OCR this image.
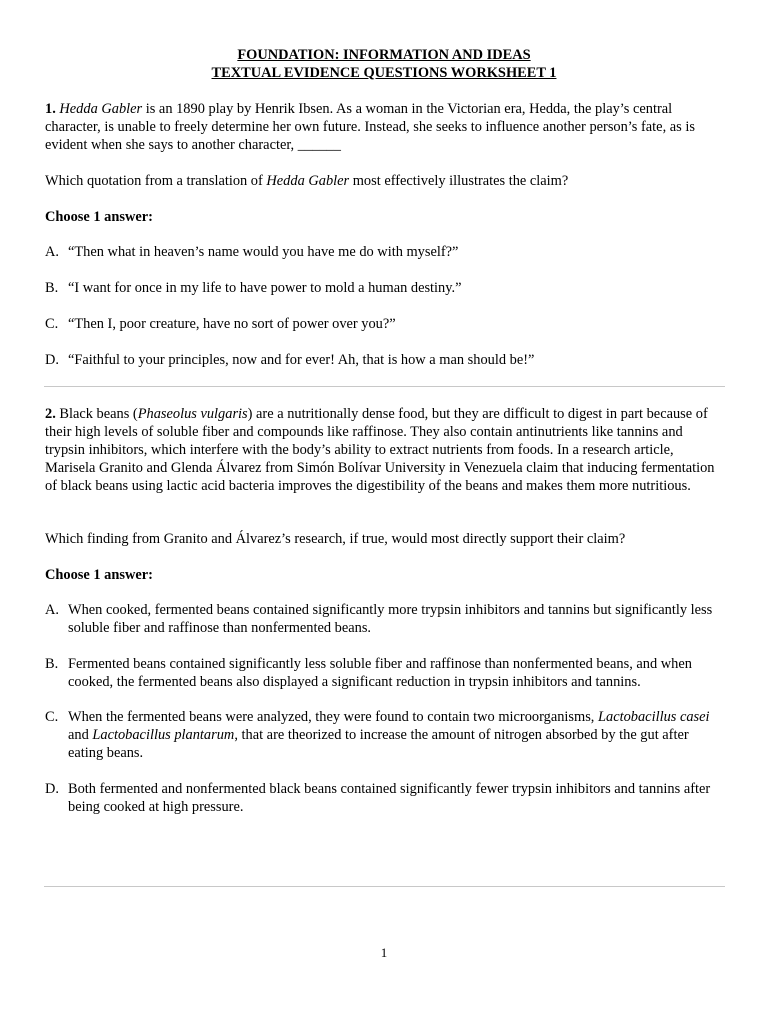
FOUNDATION: INFORMATION AND IDEAS
TEXTUAL EVIDENCE QUESTIONS WORKSHEET 1

1. Hedda Gabler is an 1890 play by Henrik Ibsen. As a woman in the Victorian era, Hedda, the play’s central character, is unable to freely determine her own future. Instead, she seeks to influence another person’s fate, as is evident when she says to another character, ______

Which quotation from a translation of Hedda Gabler most effectively illustrates the claim?

Choose 1 answer:
A. “Then what in heaven’s name would you have me do with myself?”
B. “I want for once in my life to have power to mold a human destiny.”
C. “Then I, poor creature, have no sort of power over you?”
D. “Faithful to your principles, now and for ever! Ah, that is how a man should be!”

2. Black beans (Phaseolus vulgaris) are a nutritionally dense food, but they are difficult to digest in part because of their high levels of soluble fiber and compounds like raffinose. They also contain antinutrients like tannins and trypsin inhibitors, which interfere with the body’s ability to extract nutrients from foods. In a research article, Marisela Granito and Glenda Álvarez from Simón Bolívar University in Venezuela claim that inducing fermentation of black beans using lactic acid bacteria improves the digestibility of the beans and makes them more nutritious.

Which finding from Granito and Álvarez’s research, if true, would most directly support their claim?
Choose 1 answer:
A. When cooked, fermented beans contained significantly more trypsin inhibitors and tannins but significantly less soluble fiber and raffinose than nonfermented beans.
B. Fermented beans contained significantly less soluble fiber and raffinose than nonfermented beans, and when cooked, the fermented beans also displayed a significant reduction in trypsin inhibitors and tannins.
C. When the fermented beans were analyzed, they were found to contain two microorganisms, Lactobacillus casei and Lactobacillus plantarum, that are theorized to increase the amount of nitrogen absorbed by the gut after eating beans.
D. Both fermented and nonfermented black beans contained significantly fewer trypsin inhibitors and tannins after being cooked at high pressure.
1
